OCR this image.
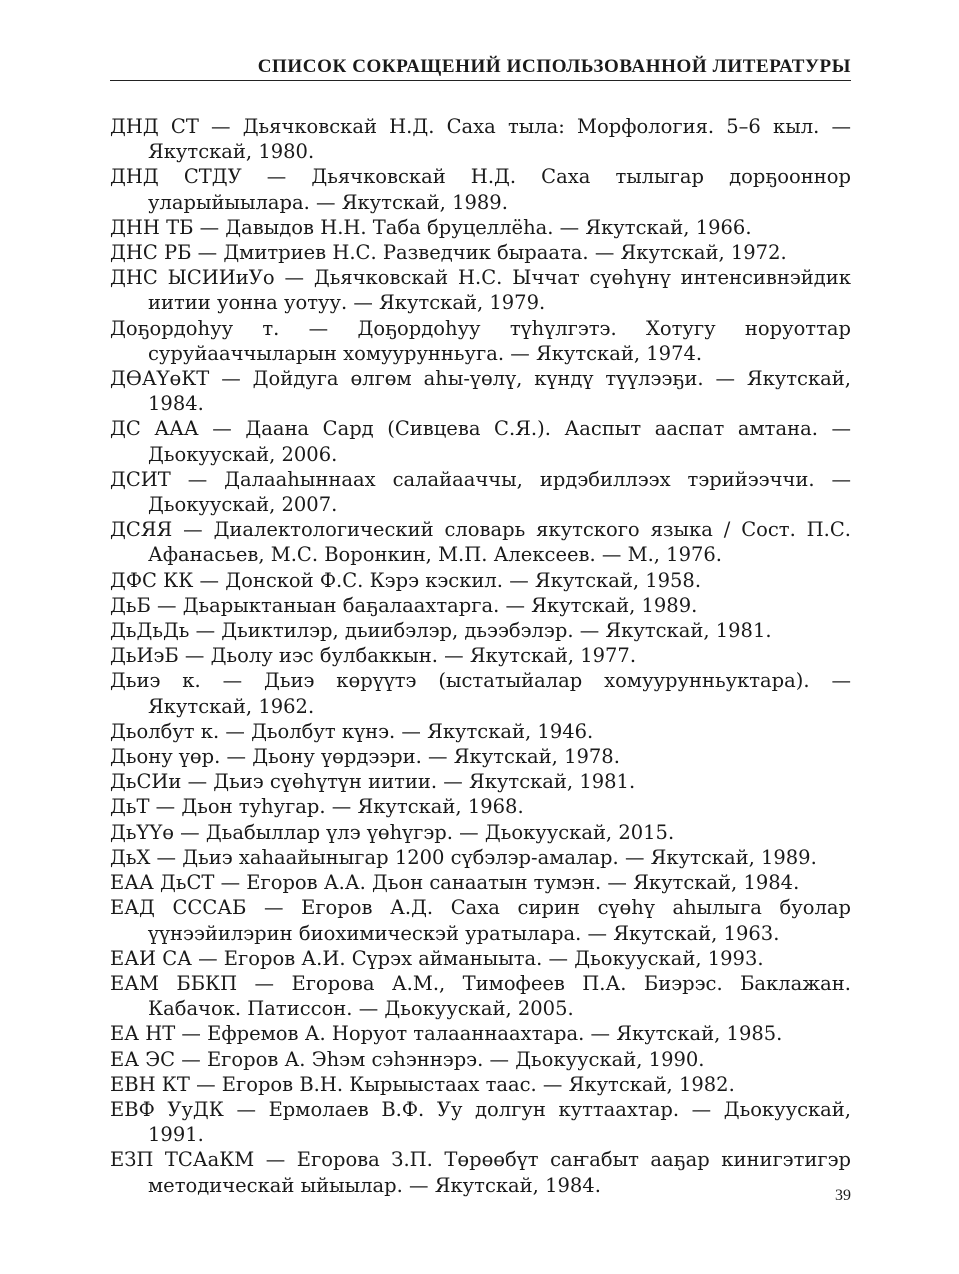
СПИСОК СОКРАЩЕНИЙ ИСПОЛЬЗОВАННОЙ ЛИТЕРАТУРЫ
ДНД СТ — Дьячковскай Н.Д. Саха тыла: Морфология. 5–6 кыл. — Якутскай, 1980.
ДНД СТДУ — Дьячковскай Н.Д. Саха тылыгар дорҕооннор уларыйыылара. — Якутскай, 1989.
ДНН ТБ — Давыдов Н.Н. Таба бруцеллёһа. — Якутскай, 1966.
ДНС РБ — Дмитриев Н.С. Разведчик быраата. — Якутскай, 1972.
ДНС ЫСИИиУо — Дьячковскай Н.С. Ыччат сүөһүнү интенсивнэйдик иитии уонна уотуу. — Якутскай, 1979.
Доҕордоһуу т. — Доҕордоһуу түһүлгэтэ. Хотугу норуоттар суруйааччыларын хомуурунньуга. — Якутскай, 1974.
ДӨАҮөКТ — Дойдуга өлгөм аһы-үөлү, күндү түүлээҕи. — Якутскай, 1984.
ДС ААА — Даана Сард (Сивцева С.Я.). Ааспыт ааспат амтана. — Дьокуускай, 2006.
ДСИТ — Далааһыннаах салайааччы, ирдэбиллээх тэрийээччи. — Дьокуускай, 2007.
ДСЯЯ — Диалектологический словарь якутского языка / Сост. П.С. Афанасьев, М.С. Воронкин, М.П. Алексеев. — М., 1976.
ДФС КК — Донской Ф.С. Кэрэ кэскил. — Якутскай, 1958.
ДьБ — Дьарыктаныан баҕалаахтарга. — Якутскай, 1989.
ДьДьДь — Дьиктилэр, дьиибэлэр, дьээбэлэр. — Якутскай, 1981.
ДьИэБ — Дьолу иэс булбаккын. — Якутскай, 1977.
Дьиэ к. — Дьиэ көрүүтэ (ыстатыйалар хомуурунньуктара). — Якутскай, 1962.
Дьолбут к. — Дьолбут күнэ. — Якутскай, 1946.
Дьону үөр. — Дьону үөрдээри. — Якутскай, 1978.
ДьСИи — Дьиэ сүөһүтүн иитии. — Якутскай, 1981.
ДьТ — Дьон туһугар. — Якутскай, 1968.
ДьҮҮө — Дьабыллар үлэ үөһүгэр. — Дьокуускай, 2015.
ДьХ — Дьиэ хаһаайыныгар 1200 сүбэлэр-амалар. — Якутскай, 1989.
ЕАА ДьСТ — Егоров А.А. Дьон санаатын тумэн. — Якутскай, 1984.
ЕАД СССАБ — Егоров А.Д. Саха сирин сүөһү аһылыга буолар үүнээйилэрин биохимическэй уратылара. — Якутскай, 1963.
ЕАИ СА — Егоров А.И. Сүрэх айманыыта. — Дьокуускай, 1993.
ЕАМ ББКП — Егорова А.М., Тимофеев П.А. Биэрэс. Баклажан. Кабачок. Патиссон. — Дьокуускай, 2005.
ЕА НТ — Ефремов А. Норуот талааннаахтара. — Якутскай, 1985.
ЕА ЭС — Егоров А. Эһэм сэһэннэрэ. — Дьокуускай, 1990.
ЕВН КТ — Егоров В.Н. Кырыыстаах таас. — Якутскай, 1982.
ЕВФ УуДК — Ермолаев В.Ф. Уу долгун куттаахтар. — Дьокуускай, 1991.
ЕЗП ТСАаКМ — Егорова З.П. Төрөөбүт саҥабыт ааҕар кинигэтигэр методическай ыйыылар. — Якутскай, 1984.	39
